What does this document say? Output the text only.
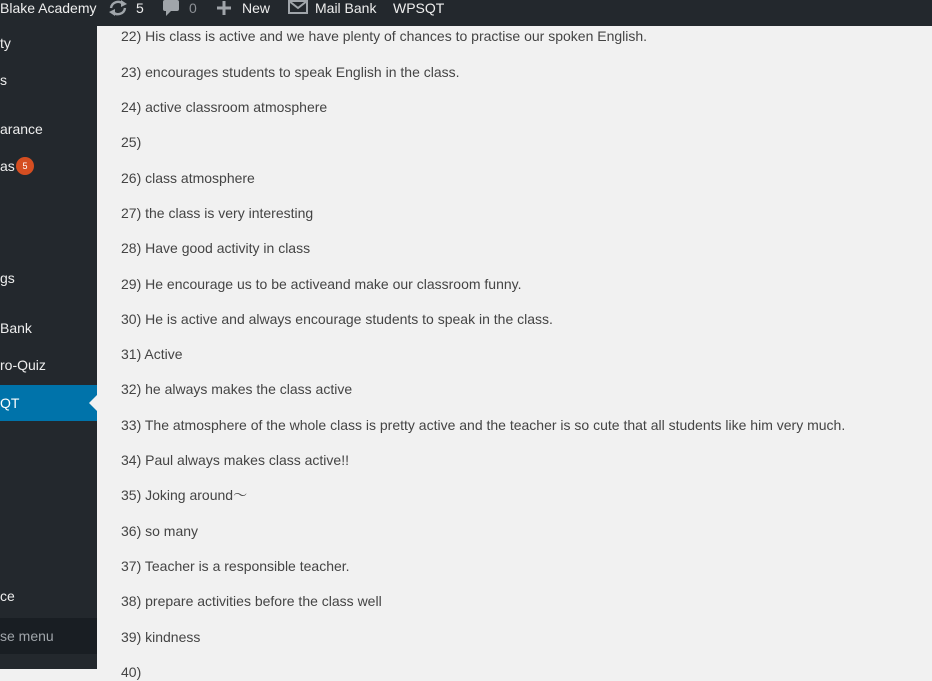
Blake Academy	5	0	New	Mail Bank WPSQT
ty
s
arance
as 5
gs
Bank
ro-Quiz
QT
ce
se menu
22) His class is active and we have plenty of chances to practise our spoken English.
23) encourages students to speak English in the class.
24) active classroom atmosphere
25)
26) class atmosphere
27) the class is very interesting
28) Have good activity in class
29) He encourage us to be activeand make our classroom funny.
30) He is active and always encourage students to speak in the class.
31) Active
32) he always makes the class active
33) The atmosphere of the whole class is pretty active and the teacher is so cute that all students like him very much.
34) Paul always makes class active!!
35) Joking around～
36) so many
37) Teacher is a responsible teacher.
38) prepare activities before the class well
39) kindness
40)
